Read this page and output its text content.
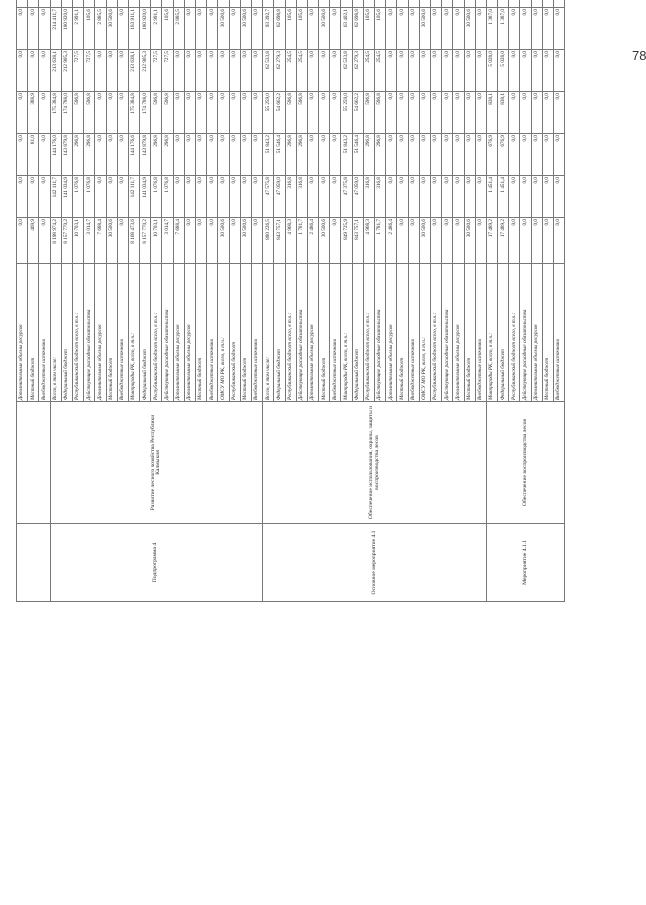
		Дополнительные объемы ресурсов	0,0	0,0	0,0	0,0	0,0	0,0						
		Местный бюджет	469,9	0,0	81,0	388,9	0,0	0,0						
		Внебюджетные источники	0,0	0,0	0,0	0,0	0,0	0,0						
Подпрограмма 4	Развитие лесного хозяйства Республики Калмыкия	Всего, в том числе:	8 198 974,2	142 111,7	144 176,0	175 384,8	213 638,1	214 411,7						
		Федеральный бюджет	8 157 770,2	141 034,9	143 879,8	174 788,0	212 905,3	180 920,0						
		Республиканский бюджет всего, в т.ч.:	10 703,1	1 076,8	296,8	596,8	727,5	2 991,1						
		Действующие расходные обязательства	3 014,7	1 076,8	296,8	596,8	727,5	105,6						
		Дополнительные объемы ресурсов	7 688,4	0,0	0,0	0,0	0,0	2 885,5						
		Местный бюджет	30 500,6	0,0	0,0	0,0	0,0	30 500,6						
		Внебюджетные источники	0,0	0,0	0,0	0,0	0,0	0,0						
		Минприроды РК, всего, в т.ч.:	8 168 473,6	142 111,7	144 176,6	175 384,8	213 638,1	183 911,1						
		Федеральный бюджет	8 157 770,2	141 034,9	143 879,8	174 788,0	212 905,3	180 920,0						
		Республиканский бюджет всего, в т.ч.:	10 703,1	1 076,8	296,8	596,8	727,5	2 991,1						
		Действующие расходные обязательства	3 014,7	1 076,8	296,8	596,8	727,5	105,6						
		Дополнительные объемы ресурсов	7 688,4	0,0	0,0	0,0	0,0	2 885,5						
		Дополнительные объемы ресурсов	0,0	0,0	0,0	0,0	0,0	0,0						
		Местный бюджет	0,0	0,0	0,0	0,0	0,0	0,0						
		Внебюджетные источники	0,0	0,0	0,0	0,0	0,0	0,0						
		ОМСУ МО РК, всего, в т.ч.:	30 500,6	0,0	0,0	0,0	0,0	30 500,6						
		Республиканский бюджет	0,0	0,0	0,0	0,0	0,0	0,0						
		Местный бюджет	30 500,6	0,0	0,0	0,0	0,0	30 500,6						
		Внебюджетные источники	0,0	0,0	0,0	0,0	0,0	0,0						
Основное мероприятие 4.1	Обеспечение использования, охраны, защиты и воспроизводства лесов	Всего, в том числе:	880 226,5	47 575,8	51 843,2	55 259,0	62 533,8	93 392,7						
		Федеральный бюджет	843 757,1	47 059,0	51 546,4	54 662,2	62 279,3	62 698,8						
		Республиканский бюджет всего, в т.ч.:	4 968,3	316,8	296,8	596,8	254,5	105,6						
		Действующие расходные обязательства	1 781,7	316,8	296,8	596,8	254,5	105,6						
		Дополнительные объемы ресурсов	2 486,4	0,0	0,0	0,0	0,0	0,0						
		Местный бюджет	30 500,6	0,0	0,0	0,0	0,0	30 500,6						
		Внебюджетные источники	0,0	0,0	0,0	0,0	0,0	0,0						
		Минприроды РК, всего, в т.ч.:	849 725,9	47 375,8	51 843,2	55 259,0	62 533,8	63 402,1						
		Федеральный бюджет	843 757,1	47 059,0	51 546,4	54 662,2	62 279,3	62 698,8						
		Республиканский бюджет всего, в т.ч.:	4 968,3	316,8	296,8	596,8	254,5	105,6						
		Действующие расходные обязательства	1 781,7	316,8	296,8	596,8	254,5	105,6						
		Дополнительные объемы ресурсов	2 486,4	0,0	0,0	0,0	0,0	0,0						
		Местный бюджет	0,0	0,0	0,0	0,0	0,0	0,0						
		Внебюджетные источники	0,0	0,0	0,0	0,0	0,0	0,0						
		ОМСУ МО РК, всего, в т.ч.:	30 500,6	0,0	0,0	0,0	0,0	30 500,6						
		Республиканский бюджет всего, в т.ч.:	0,0	0,0	0,0	0,0	0,0	0,0						
		Действующие расходные обязательства	0,0	0,0	0,0	0,0	0,0	0,0						
		Дополнительные объемы ресурсов	0,0	0,0	0,0	0,0	0,0	0,0						
		Местный бюджет	30 500,6	0,0	0,0	0,0	0,0	30 500,6						
		Внебюджетные источники	0,0	0,0	0,0	0,0	0,0	0,0						
Мероприятие 4.1.1	Обеспечение воспроизводства лесов	Минприроды РК, всего, в т.ч.:	17 489,2	1 451,4	676,9	838,1	5 028,0	1 387,0						
		Федеральный бюджет	17 489,2	1 451,4	676,9	838,1	5 028,0	1 387,0						
		Республиканский бюджет всего, в т.ч.:	0,0	0,0	0,0	0,0	0,0	0,0						
		Действующие расходные обязательства	0,0	0,0	0,0	0,0	0,0	0,0						
		Дополнительные объемы ресурсов	0,0	0,0	0,0	0,0	0,0	0,0						
		Местный бюджет	0,0	0,0	0,0	0,0	0,0	0,0						
		Внебюджетные источники	0,0	0,0	0,0	0,0	0,0	0,0						
78
